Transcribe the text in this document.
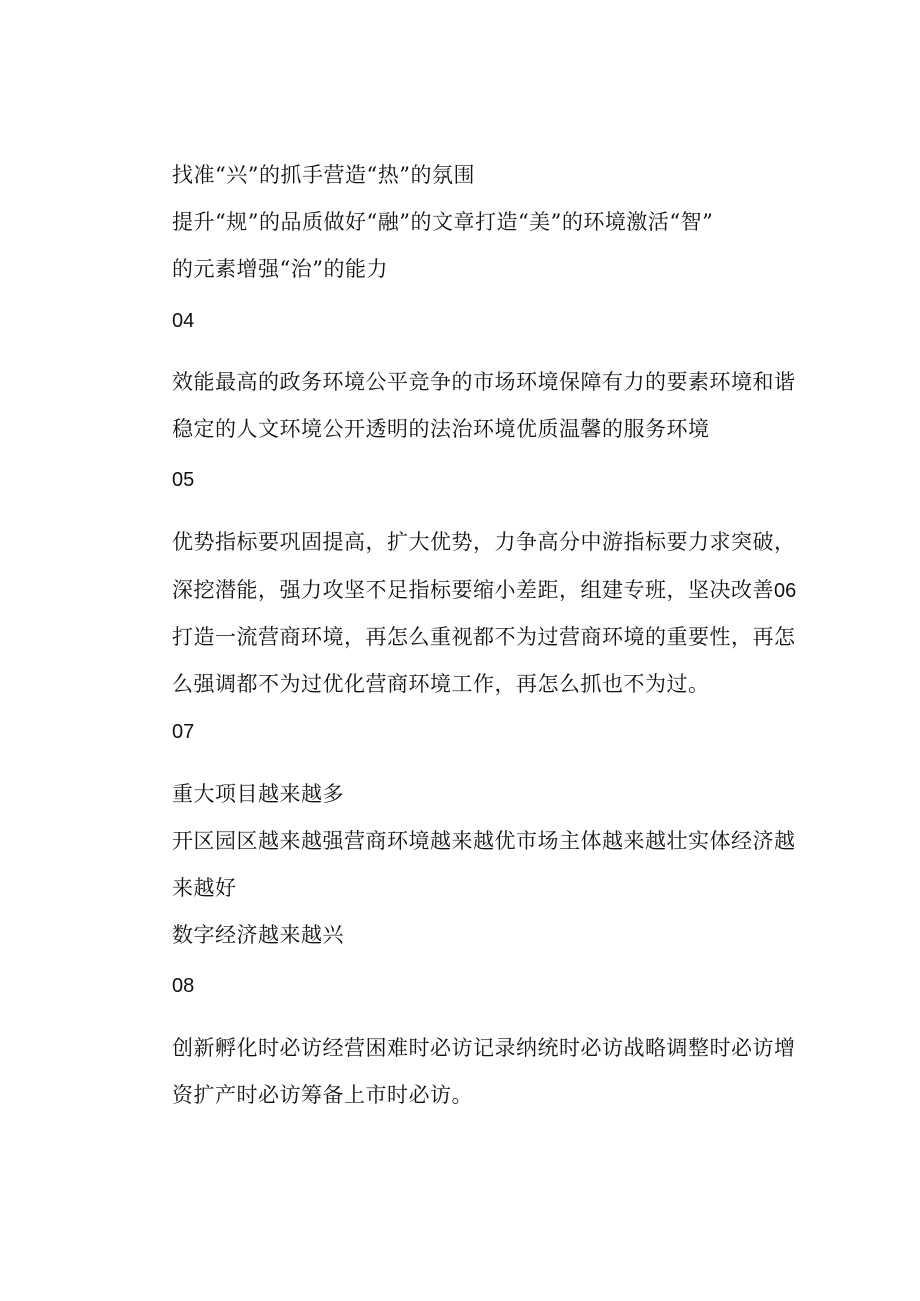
找准“兴”的抓手营造“热”的氛围

提升“规”的品质做好“融”的文章打造“美”的环境激活“智”

的元素增强“治”的能力

04

效能最高的政务环境公平竞争的市场环境保障有力的要素环境和谐

稳定的人文环境公开透明的法治环境优质温馨的服务环境

05

优势指标要巩固提高，扩大优势，力争高分中游指标要力求突破，

深挖潜能，强力攻坚不足指标要缩小差距，组建专班，坚决改善06

打造一流营商环境，再怎么重视都不为过营商环境的重要性，再怎

么强调都不为过优化营商环境工作，再怎么抓也不为过。

07

重大项目越来越多

开区园区越来越强营商环境越来越优市场主体越来越壮实体经济越

来越好

数字经济越来越兴

08

创新孵化时必访经营困难时必访记录纳统时必访战略调整时必访增

资扩产时必访筹备上市时必访。
